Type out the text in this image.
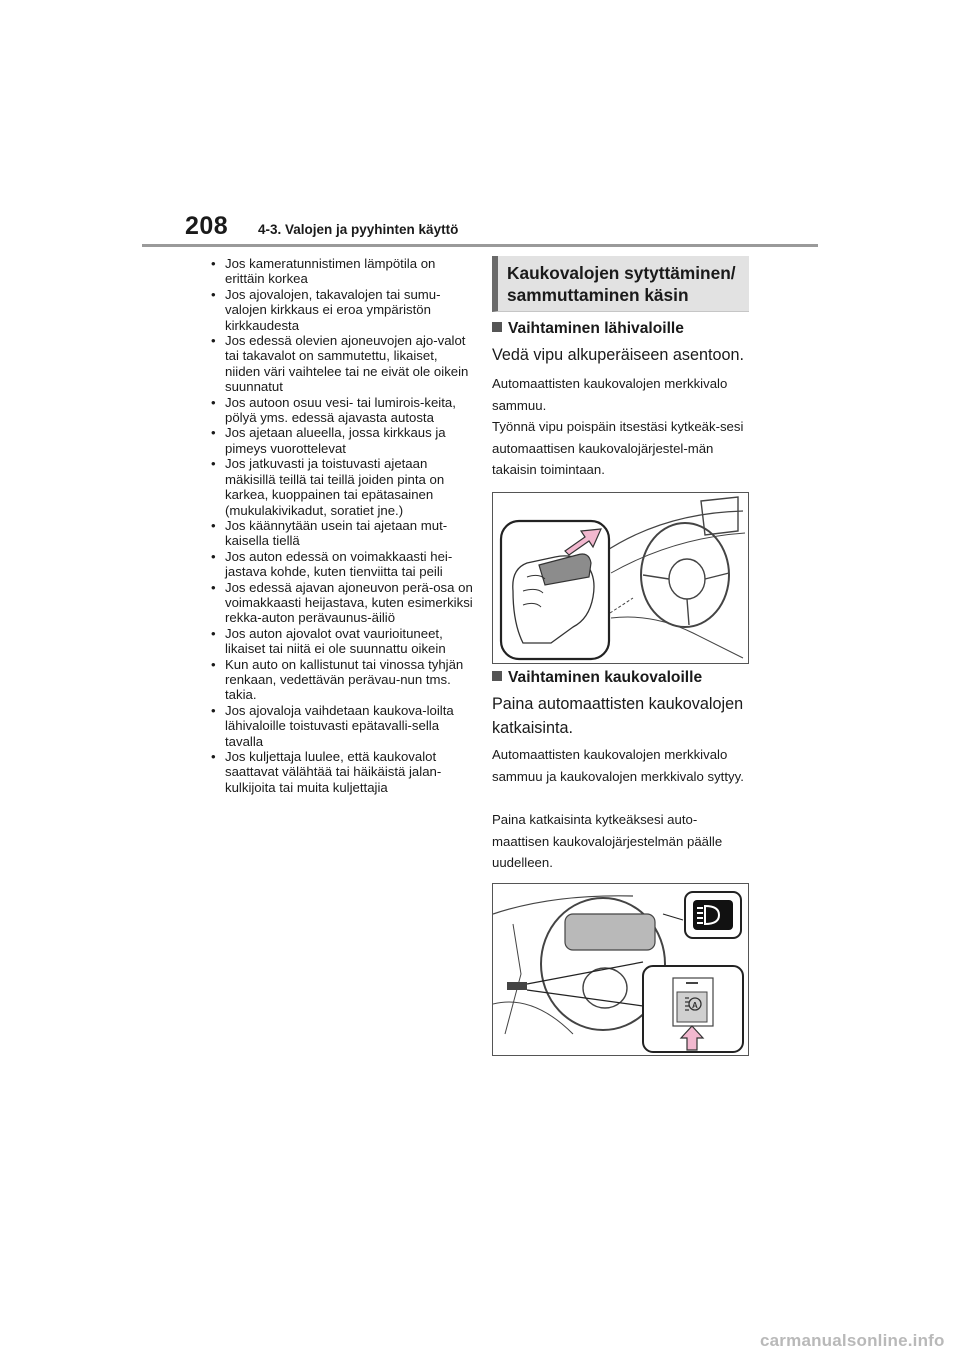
208 4-3. Valojen ja pyyhinten käyttö
• Jos kameratunnistimen lämpötila on erittäin korkea
• Jos ajovalojen, takavalojen tai sumu-valojen kirkkaus ei eroa ympäristön kirkkaudesta
• Jos edessä olevien ajoneuvojen ajo-valot tai takavalot on sammutettu, likaiset, niiden väri vaihtelee tai ne eivät ole oikein suunnatut
• Jos autoon osuu vesi- tai lumirois-keita, pölyä yms. edessä ajavasta autosta
• Jos ajetaan alueella, jossa kirkkaus ja pimeys vuorottelevat
• Jos jatkuvasti ja toistuvasti ajetaan mäkisillä teillä tai teillä joiden pinta on karkea, kuoppainen tai epätasainen (mukulakivikadut, soratiet jne.)
• Jos käännytään usein tai ajetaan mut-kaisella tiellä
• Jos auton edessä on voimakkaasti hei-jastava kohde, kuten tienviitta tai peili
• Jos edessä ajavan ajoneuvon perä-osa on voimakkaasti heijastava, kuten esimerkiksi rekka-auton perävaunus-äiliö
• Jos auton ajovalot ovat vaurioituneet, likaiset tai niitä ei ole suunnattu oikein
• Kun auto on kallistunut tai vinossa tyhjän renkaan, vedettävän perävau-nun tms. takia.
• Jos ajovaloja vaihdetaan kaukova-loilta lähivaloille toistuvasti epätavalli-sella tavalla
• Jos kuljettaja luulee, että kaukovalot saattavat välähtää tai häikäistä jalan-kulkijoita tai muita kuljettajia
Kaukovalojen sytyttäminen/ sammuttaminen käsin
Vaihtaminen lähivaloille
Vedä vipu alkuperäiseen asentoon.
Automaattisten kaukovalojen merkkivalo sammuu.
Työnnä vipu poispäin itsestäsi kytkeäk-sesi automaattisen kaukovalojärjestel-män takaisin toimintaan.
Vaihtaminen kaukovaloille
Paina automaattisten kaukovalojen katkaisinta.
Automaattisten kaukovalojen merkkivalo sammuu ja kaukovalojen merkkivalo syttyy.
Paina katkaisinta kytkeäksesi auto-maattisen kaukovalojärjestelmän päälle uudelleen.
A
carmanualsonline.info
